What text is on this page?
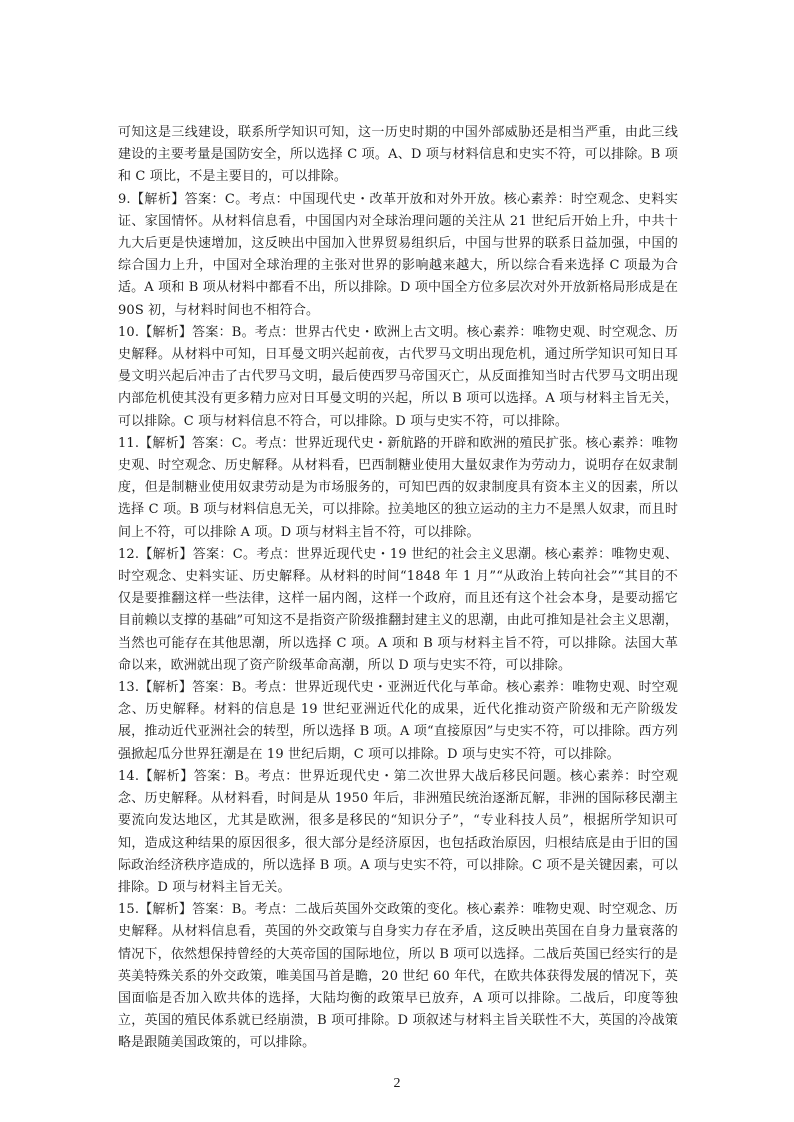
可知这是三线建设，联系所学知识可知，这一历史时期的中国外部威胁还是相当严重，由此三线建设的主要考量是国防安全，所以选择 C 项。A、D 项与材料信息和史实不符，可以排除。B 项和 C 项比，不是主要目的，可以排除。

9.【解析】答案：C。考点：中国现代史・改革开放和对外开放。核心素养：时空观念、史料实证、家国情怀。从材料信息看，中国国内对全球治理问题的关注从 21 世纪后开始上升，中共十九大后更是快速增加，这反映出中国加入世界贸易组织后，中国与世界的联系日益加强，中国的综合国力上升，中国对全球治理的主张对世界的影响越来越大，所以综合看来选择 C 项最为合适。A 项和 B 项从材料中都看不出，所以排除。D 项中国全方位多层次对外开放新格局形成是在 90S 初，与材料时间也不相符合。

10.【解析】答案：B。考点：世界古代史・欧洲上古文明。核心素养：唯物史观、时空观念、历史解释。从材料中可知，日耳曼文明兴起前夜，古代罗马文明出现危机，通过所学知识可知日耳曼文明兴起后冲击了古代罗马文明，最后使西罗马帝国灭亡，从反面推知当时古代罗马文明出现内部危机使其没有更多精力应对日耳曼文明的兴起，所以 B 项可以选择。A 项与材料主旨无关，可以排除。C 项与材料信息不符合，可以排除。D 项与史实不符，可以排除。

11.【解析】答案：C。考点：世界近现代史・新航路的开辟和欧洲的殖民扩张。核心素养：唯物史观、时空观念、历史解释。从材料看，巴西制糖业使用大量奴隶作为劳动力，说明存在奴隶制度，但是制糖业使用奴隶劳动是为市场服务的，可知巴西的奴隶制度具有资本主义的因素，所以选择 C 项。B 项与材料信息无关，可以排除。拉美地区的独立运动的主力不是黑人奴隶，而且时间上不符，可以排除 A 项。D 项与材料主旨不符，可以排除。

12.【解析】答案：C。考点：世界近现代史・19 世纪的社会主义思潮。核心素养：唯物史观、时空观念、史料实证、历史解释。从材料的时间“1848 年 1 月”“从政治上转向社会”“其目的不仅是要推翻这样一些法律，这样一届内阁，这样一个政府，而且还有这个社会本身，是要动摇它目前赖以支撑的基础”可知这不是指资产阶级推翻封建主义的思潮，由此可推知是社会主义思潮，当然也可能存在其他思潮，所以选择 C 项。A 项和 B 项与材料主旨不符，可以排除。法国大革命以来，欧洲就出现了资产阶级革命高潮，所以 D 项与史实不符，可以排除。

13.【解析】答案：B。考点：世界近现代史・亚洲近代化与革命。核心素养：唯物史观、时空观念、历史解释。材料的信息是 19 世纪亚洲近代化的成果，近代化推动资产阶级和无产阶级发展，推动近代亚洲社会的转型，所以选择 B 项。A 项“直接原因”与史实不符，可以排除。西方列强掀起瓜分世界狂潮是在 19 世纪后期，C 项可以排除。D 项与史实不符，可以排除。

14.【解析】答案：B。考点：世界近现代史・第二次世界大战后移民问题。核心素养：时空观念、历史解释。从材料看，时间是从 1950 年后，非洲殖民统治逐渐瓦解，非洲的国际移民潮主要流向发达地区，尤其是欧洲，很多是移民的“知识分子”，“专业科技人员”，根据所学知识可知，造成这种结果的原因很多，很大部分是经济原因，也包括政治原因，归根结底是由于旧的国际政治经济秩序造成的，所以选择 B 项。A 项与史实不符，可以排除。C 项不是关键因素，可以排除。D 项与材料主旨无关。

15.【解析】答案：B。考点：二战后英国外交政策的变化。核心素养：唯物史观、时空观念、历史解释。从材料信息看，英国的外交政策与自身实力存在矛盾，这反映出英国在自身力量衰落的情况下，依然想保持曾经的大英帝国的国际地位，所以 B 项可以选择。二战后英国已经实行的是英美特殊关系的外交政策，唯美国马首是瞻，20 世纪 60 年代，在欧共体获得发展的情况下，英国面临是否加入欧共体的选择，大陆均衡的政策早已放弃，A 项可以排除。二战后，印度等独立，英国的殖民体系就已经崩溃，B 项可排除。D 项叙述与材料主旨关联性不大，英国的冷战策略是跟随美国政策的，可以排除。

2
